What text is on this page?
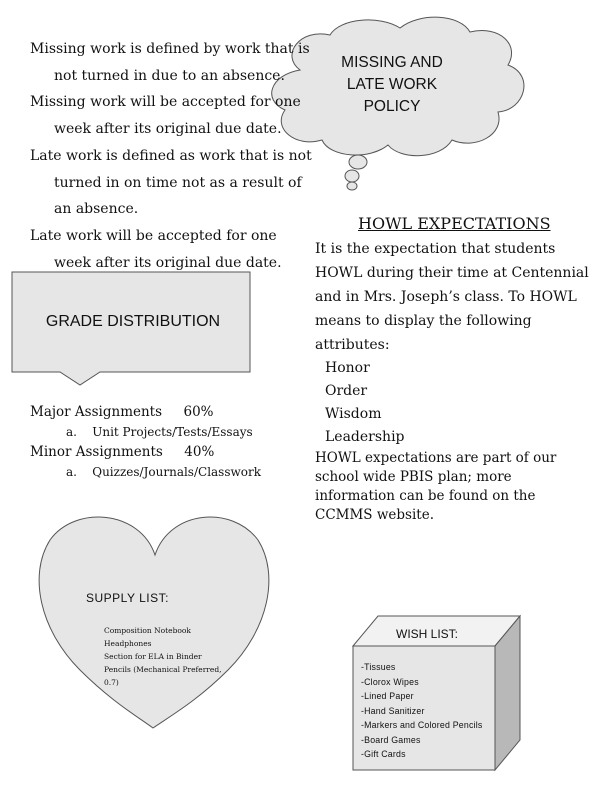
Missing work is defined by work that is not turned in due to an absence.

Missing work will be accepted for one week after its original due date.

Late work is defined as work that is not turned in on time not as a result of an absence.

Late work will be accepted for one week after its original due date.

MISSING AND
LATE WORK
POLICY
HOWL EXPECTATIONS

It is the expectation that students HOWL during their time at Centennial and in Mrs. Joseph’s class. To HOWL means to display the following attributes:

Honor
Order
Wisdom
Leadership

HOWL expectations are part of our school wide PBIS plan; more information can be found on the CCMMS website.

GRADE DISTRIBUTION
Major Assignments 60%
a. Unit Projects/Tests/Essays
Minor Assignments 40%
a. Quizzes/Journals/Classwork
SUPPLY LIST:
Composition Notebook
Headphones
Section for ELA in Binder
Pencils (Mechanical Preferred, 0.7)
WISH LIST:
-Tissues
-Clorox Wipes
-Lined Paper
-Hand Sanitizer
-Markers and Colored Pencils
-Board Games
-Gift Cards
